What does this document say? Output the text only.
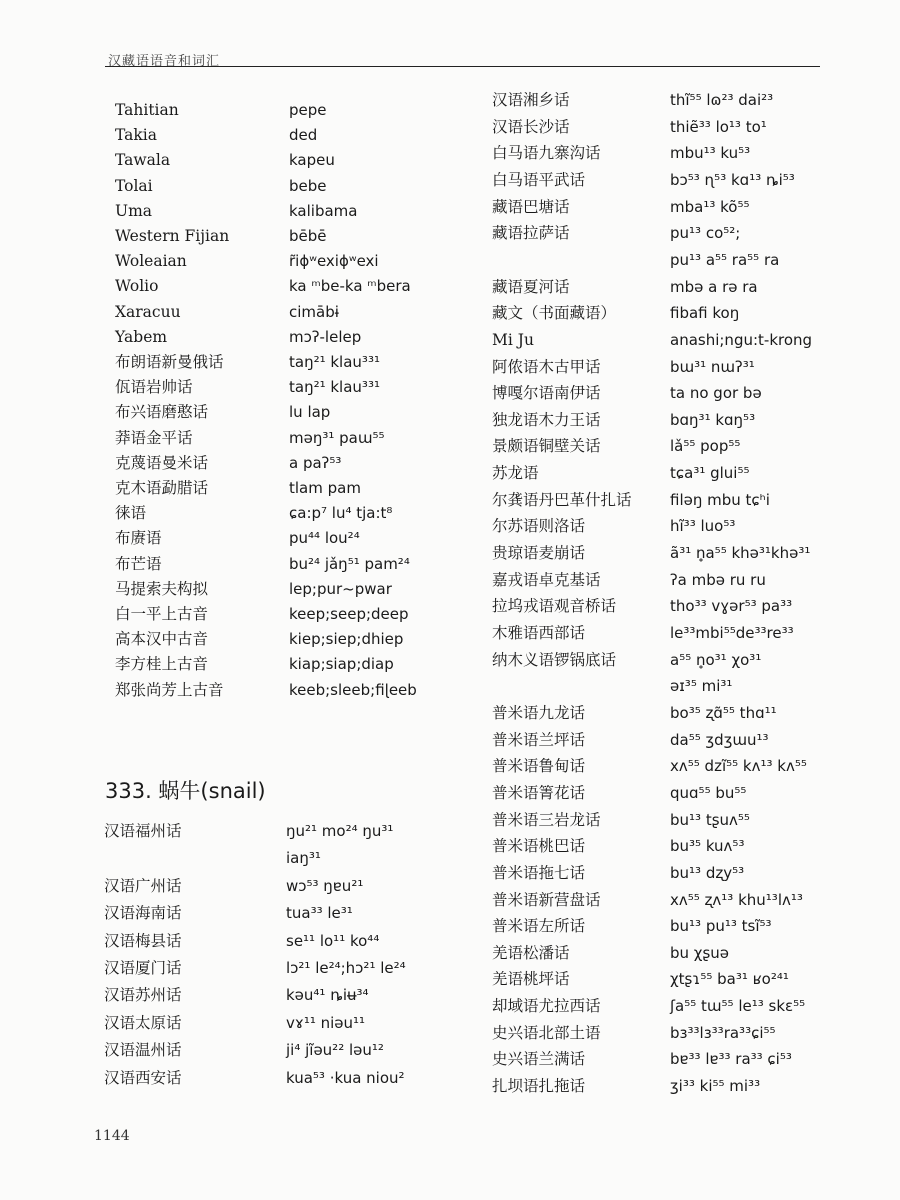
汉藏语语音和词汇
Tahitian	pepe
Takia	ded
Tawala	kapeu
Tolai	bebe
Uma	kalibama
Western Fijian	bēbē
Woleaian	r̃iɸʷexiɸʷexi
Wolio	ka ᵐbe-ka ᵐbera
Xaracuu	cimābɨ
Yabem	mɔʔ-lelep
布朗语新曼俄话	taŋ²¹ klau³³¹
佤语岩帅话	taŋ²¹ klau³³¹
布兴语磨憨话	lu lap
莽语金平话	məŋ³¹ paɯ⁵⁵
克蔑语曼米话	a paʔ⁵³
克木语勐腊话	tlam pam
徕语	ɕa:p⁷ lu⁴ tja:t⁸
布赓语	pu⁴⁴ lou²⁴
布芒语	bu²⁴ jǎŋ⁵¹ pam²⁴
马提索夫构拟	lep;pur~pwar
白一平上古音	keep;seep;deep
高本汉中古音	kiep;siep;dhiep
李方桂上古音	kiap;siap;diap
郑张尚芳上古音	keeb;sleeb;fiɭeeb
333. 蜗牛(snail)
汉语福州话	ŋu²¹ mo²⁴ ŋu³¹
iaŋ³¹
汉语广州话	wɔ⁵³ ŋɐu²¹
汉语海南话	tua³³ le³¹
汉语梅县话	se¹¹ lo¹¹ ko⁴⁴
汉语厦门话	lɔ²¹ le²⁴;hɔ²¹ le²⁴
汉语苏州话	kəu⁴¹ ȵiʉ³⁴
汉语太原话	vɤ¹¹ niəu¹¹
汉语温州话	ji⁴ jĩəu²² ləu¹²
汉语西安话	kua⁵³ ·kua niou²
汉语湘乡话	thĩ⁵⁵ lɷ²³ dai²³
汉语长沙话	thiẽ³³ lo¹³ to¹
白马语九寨沟话	mbu¹³ ku⁵³
白马语平武话	bɔ⁵³ ɳ⁵³ kɑ¹³ ȵi⁵³
藏语巴塘话	mba¹³ kõ⁵⁵
藏语拉萨话	pu¹³ co⁵²;
pu¹³ a⁵⁵ ra⁵⁵ ra
藏语夏河话	mbə a rə ra
藏文（书面藏语）	fibafi koŋ
Mi Ju	anashi;ngu:t-krong
阿侬语木古甲话	bɯ³¹ nɯʔ³¹
博嘎尔语南伊话	ta no gor bə
独龙语木力王话	bɑŋ³¹ kɑŋ⁵³
景颇语铜壁关话	lǎ⁵⁵ pop⁵⁵
苏龙语	tɕa³¹ glui⁵⁵
尔龚语丹巴革什扎话	filəŋ mbu tɕʰi
尔苏语则洛话	hĩ³³ luo⁵³
贵琼语麦崩话	ã³¹ n̥a⁵⁵ khə³¹khə³¹
嘉戎语卓克基话	ʔa mbə ru ru
拉坞戎语观音桥话	tho³³ vɣər⁵³ pa³³
木雅语西部话	le³³mbi⁵⁵de³³re³³
纳木义语锣锅底话	a⁵⁵ n̥o³¹ χo³¹
əɪ³⁵ mi³¹
普米语九龙话	bo³⁵ ʐɑ̃⁵⁵ thɑ¹¹
普米语兰坪话	da⁵⁵ ʒdʒɯu¹³
普米语鲁甸话	xʌ⁵⁵ dzĩ⁵⁵ kʌ¹³ kʌ⁵⁵
普米语箐花话	quɑ⁵⁵ bu⁵⁵
普米语三岩龙话	bu¹³ tʂuʌ⁵⁵
普米语桃巴话	bu³⁵ kuʌ⁵³
普米语拖七话	bu¹³ dʐy⁵³
普米语新营盘话	xʌ⁵⁵ ʐʌ¹³ khu¹³lʌ¹³
普米语左所话	bu¹³ pu¹³ tsĩ⁵³
羌语松潘话	bu χʂuə
羌语桃坪话	χtʂɿ⁵⁵ ba³¹ ʁo²⁴¹
却域语尤拉西话	ʃa⁵⁵ tɯ⁵⁵ le¹³ skɛ⁵⁵
史兴语北部土语	bɜ³³lɜ³³ra³³ɕi⁵⁵
史兴语兰满话	bɐ³³ lɐ³³ ra³³ ɕi⁵³
扎坝语扎拖话	ʒi³³ ki⁵⁵ mi³³
1144
